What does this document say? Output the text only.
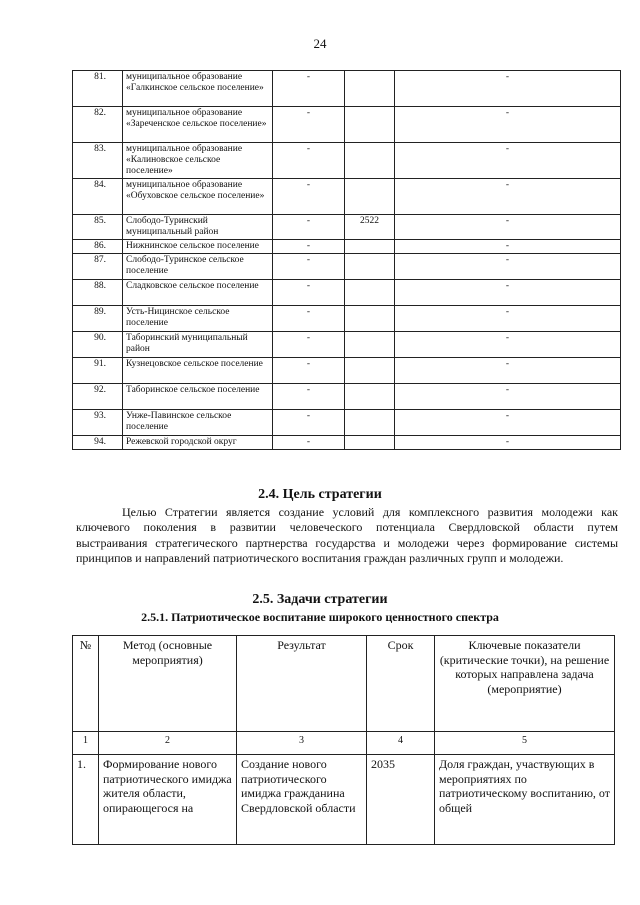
24
81.	муниципальное образование «Галкинское сельское поселение»	-		-
82.	муниципальное образование «Зареченское сельское поселение»	-		-
83.	муниципальное образование «Калиновское сельское поселение»	-		-
84.	муниципальное образование «Обуховское сельское поселение»	-		-
85.	Слободо-Туринский муниципальный район	-	2522	-
86.	Нижнинское сельское поселение	-		-
87.	Слободо-Туринское сельское поселение	-		-
88.	Сладковское сельское поселение	-		-
89.	Усть-Ницинское сельское поселение	-		-
90.	Таборинский муниципальный район	-		-
91.	Кузнецовское сельское поселение	-		-
92.	Таборинское сельское поселение	-		-
93.	Унже-Павинское сельское поселение	-		-
94.	Режевской городской округ	-		-
2.4. Цель стратегии
Целью Стратегии является создание условий для комплексного развития молодежи как
ключевого поколения в развитии человеческого потенциала Свердловской области путем
выстраивания стратегического партнерства государства и молодежи через формирование системы
принципов и направлений патриотического воспитания граждан различных групп и молодежи.
2.5. Задачи стратегии
2.5.1. Патриотическое воспитание широкого ценностного спектра
№	Метод (основные мероприятия)	Результат	Срок	Ключевые показатели (критические точки), на решение которых направлена задача (мероприятие)
1	2	3	4	5
1.	Формирование нового патриотического имиджа жителя области, опирающегося на	Создание нового патриотического имиджа гражданина Свердловской области	2035	Доля граждан, участвующих в мероприятиях по патриотическому воспитанию, от общей
